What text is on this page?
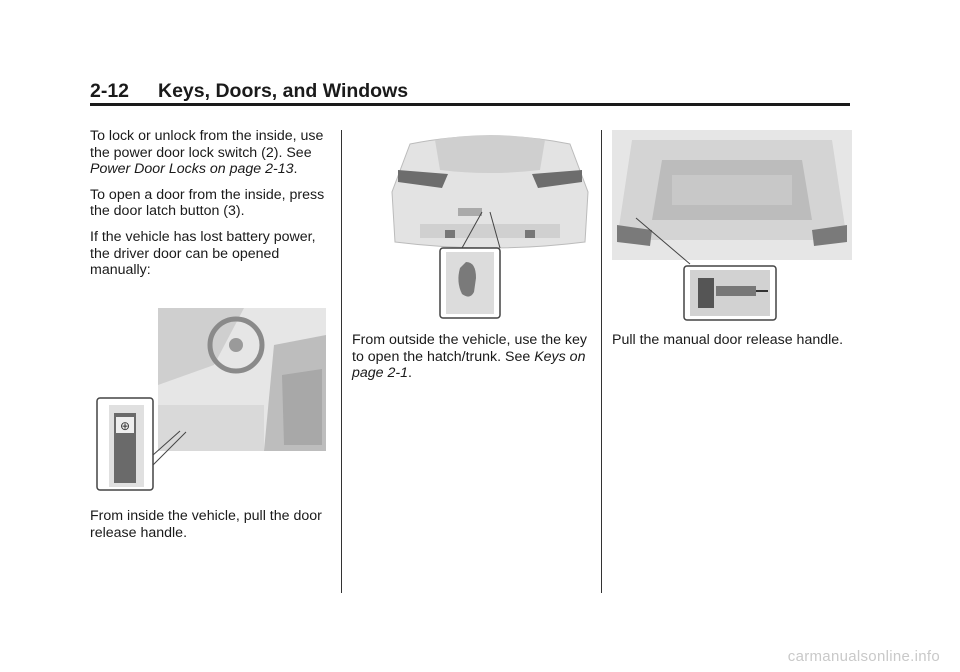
2-12 Keys, Doors, and Windows

To lock or unlock from the inside, use the power door lock switch (2). See Power Door Locks on page 2-13.

To open a door from the inside, press the door latch button (3).

If the vehicle has lost battery power, the driver door can be opened manually:

⊕

From inside the vehicle, pull the door release handle.

From outside the vehicle, use the key to open the hatch/trunk. See Keys on page 2-1.

Pull the manual door release handle.

carmanualsonline.info
